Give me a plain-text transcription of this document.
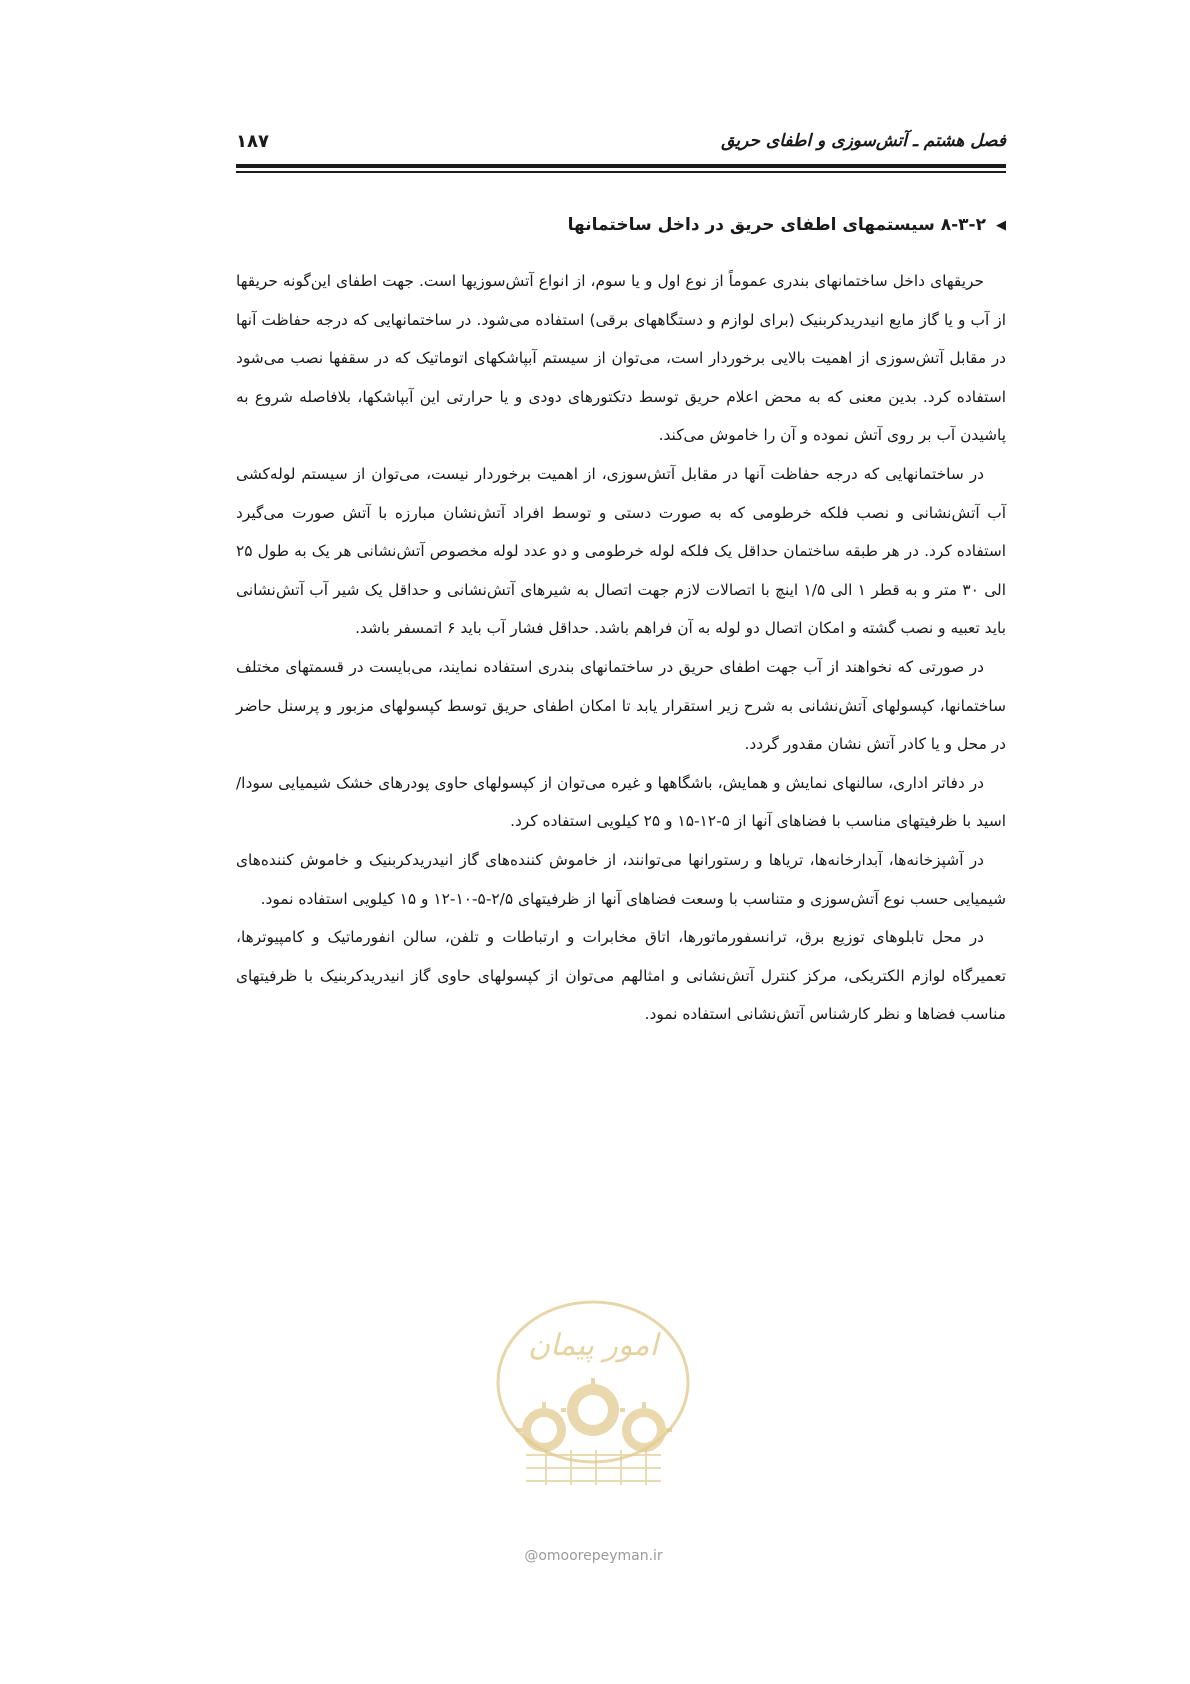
فصل هشتم ـ آتش‌سوزی و اطفای حریق
۱۸۷
◀
۸-۳-۲ سیستمهای اطفای حریق در داخل ساختمانها

حریقهای داخل ساختمانهای بندری عموماً از نوع اول و یا سوم، از انواع آتش‌سوزیها است. جهت اطفای این‌گونه حریقها از آب و یا گاز مایع انیدریدکربنیک (برای لوازم و دستگاههای برقی) استفاده می‌شود. در ساختمانهایی که درجه حفاظت آنها در مقابل آتش‌سوزی از اهمیت بالایی برخوردار است، می‌توان از سیستم آبپاشکهای اتوماتیک که در سقفها نصب می‌شود استفاده کرد. بدین معنی که به محض اعلام حریق توسط دتکتورهای دودی و یا حرارتی این آبپاشکها، بلافاصله شروع به پاشیدن آب بر روی آتش نموده و آن را خاموش می‌کند.

در ساختمانهایی که درجه حفاظت آنها در مقابل آتش‌سوزی، از اهمیت برخوردار نیست، می‌توان از سیستم لوله‌کشی آب آتش‌نشانی و نصب فلکه خرطومی که به صورت دستی و توسط افراد آتش‌نشان مبارزه با آتش صورت می‌گیرد استفاده کرد. در هر طبقه ساختمان حداقل یک فلکه لوله خرطومی و دو عدد لوله مخصوص آتش‌نشانی هر یک به طول ۲۵ الی ۳۰ متر و به قطر ۱ الی ۱/۵ اینچ با اتصالات لازم جهت اتصال به شیرهای آتش‌نشانی و حداقل یک شیر آب آتش‌نشانی باید تعبیه و نصب گشته و امکان اتصال دو لوله به آن فراهم باشد. حداقل فشار آب باید ۶ اتمسفر باشد.

در صورتی که نخواهند از آب جهت اطفای حریق در ساختمانهای بندری استفاده نمایند، می‌بایست در قسمتهای مختلف ساختمانها، کپسولهای آتش‌نشانی به شرح زیر استقرار یابد تا امکان اطفای حریق توسط کپسولهای مزبور و پرسنل حاضر در محل و یا کادر آتش نشان مقدور گردد.

در دفاتر اداری، سالنهای نمایش و همایش، باشگاهها و غیره می‌توان از کپسولهای حاوی پودرهای خشک شیمیایی سودا/ اسید با ظرفیتهای مناسب با فضاهای آنها از ۵-۱۲-۱۵ و ۲۵ کیلویی استفاده کرد.

در آشپزخانه‌ها، آبدارخانه‌ها، تریاها و رستورانها می‌توانند، از خاموش کننده‌های گاز انیدریدکربنیک و خاموش کننده‌های شیمیایی حسب نوع آتش‌سوزی و متناسب با وسعت فضاهای آنها از ظرفیتهای ۲/۵-۵-۱۰-۱۲ و ۱۵ کیلویی استفاده نمود.

در محل تابلوهای توزیع برق، ترانسفورماتورها، اتاق مخابرات و ارتباطات و تلفن، سالن انفورماتیک و کامپیوترها، تعمیرگاه لوازم الکتریکی، مرکز کنترل آتش‌نشانی و امثالهم می‌توان از کپسولهای حاوی گاز انیدریدکربنیک با ظرفیتهای مناسب فضاها و نظر کارشناس آتش‌نشانی استفاده نمود.

امور پیمان
@omoorepeyman.ir
